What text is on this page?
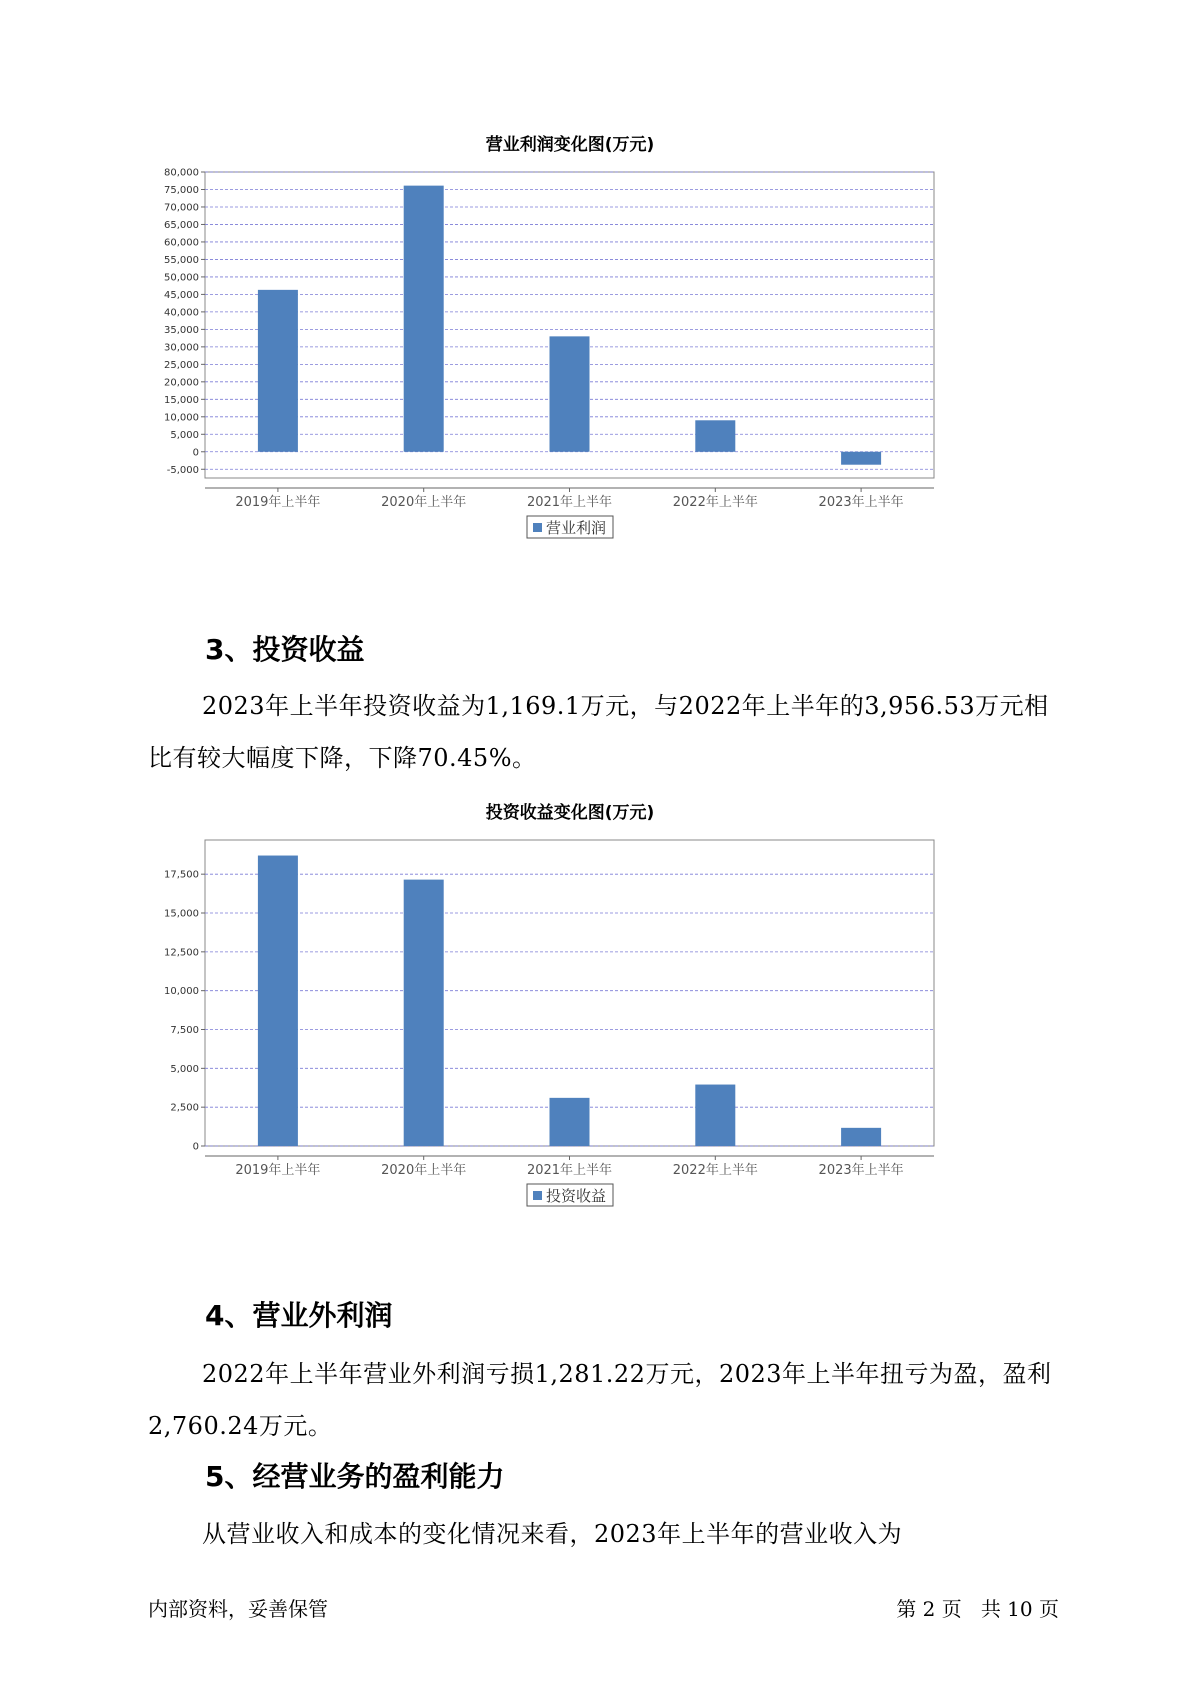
营业利润变化图(万元)
-5,000
0
5,000
10,000
15,000
20,000
25,000
30,000
35,000
40,000
45,000
50,000
55,000
60,000
65,000
70,000
75,000
80,000
2019年上半年	2020年上半年	2021年上半年	2022年上半年	2023年上半年
营业利润
3、投资收益

2023年上半年投资收益为1,169.1万元，与2022年上半年的3,956.53万元相比有较大幅度下降，下降70.45%。

投资收益变化图(万元)
0
2,500
5,000
7,500
10,000
12,500
15,000
17,500
2019年上半年	2020年上半年	2021年上半年	2022年上半年	2023年上半年
投资收益
4、营业外利润

2022年上半年营业外利润亏损1,281.22万元，2023年上半年扭亏为盈，盈利2,760.24万元。

5、经营业务的盈利能力

从营业收入和成本的变化情况来看，2023年上半年的营业收入为

内部资料，妥善保管	第 2 页   共 10 页
